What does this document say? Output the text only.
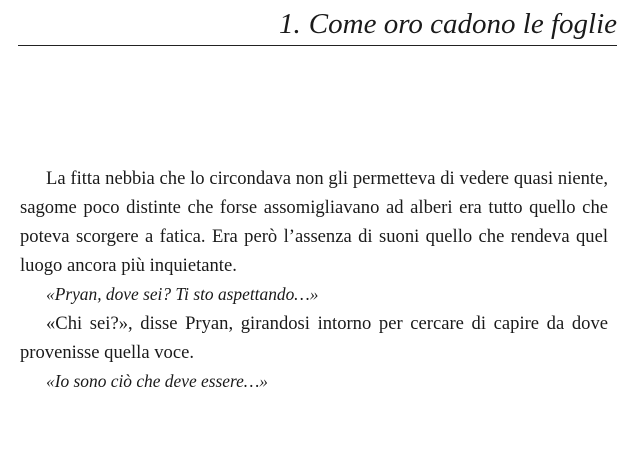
1. Come oro cadono le foglie

La fitta nebbia che lo circondava non gli permetteva di vedere quasi niente, sagome poco distinte che forse assomigliavano ad alberi era tutto quello che poteva scorgere a fatica. Era però l’assenza di suoni quello che rendeva quel luogo ancora più inquietante.

«Pryan, dove sei? Ti sto aspettando…»

«Chi sei?», disse Pryan, girandosi intorno per cercare di capire da dove provenisse quella voce.

«Io sono ciò che deve essere…»
